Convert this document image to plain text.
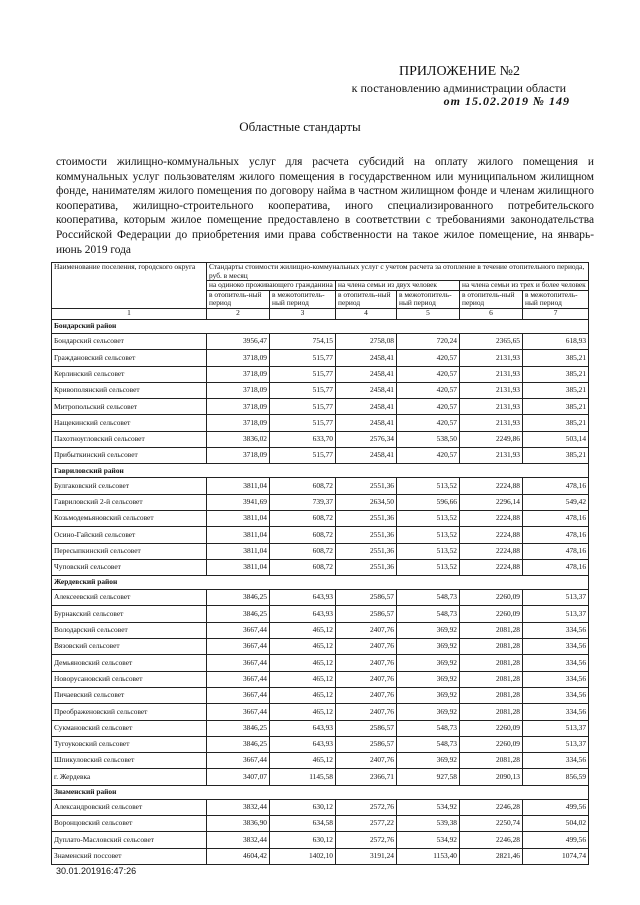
ПРИЛОЖЕНИЕ №2
к постановлению администрации области
от 15.02.2019 № 149
Областные стандарты
стоимости жилищно-коммунальных услуг для расчета субсидий на оплату жилого помещения и коммунальных услуг пользователям жилого помещения в государственном или муниципальном жилищном фонде, нанимателям жилого помещения по договору найма в частном жилищном фонде и членам жилищного кооператива, жилищно-строительного кооператива, иного специализированного потребительского кооператива, которым жилое помещение предоставлено в соответствии с требованиями законодательства Российской Федерации до приобретения ими права собственности на такое жилое помещение, на январь-июнь 2019 года
Наименование поселения, городского округа	Стандарты стоимости жилищно-коммунальных услуг с учетом расчета за отопление в течение отопительного периода, руб. в месяц					
	на одиноко проживающего гражданина		на члена семьи из двух человек		на члена семьи из трех и более человек	
	в отопитель-ный период	в межотопитель-ный период	в отопитель-ный период	в межотопитель-ный период	в отопитель-ный период	в межотопитель-ный период
1	2	3	4	5	6	7
Бондарский район						
Бондарский сельсовет	3956,47	754,15	2758,08	720,24	2365,65	618,93
Граждановский сельсовет	3718,09	515,77	2458,41	420,57	2131,93	385,21
Керлинский сельсовет	3718,09	515,77	2458,41	420,57	2131,93	385,21
Кривополянский сельсовет	3718,09	515,77	2458,41	420,57	2131,93	385,21
Митропольский сельсовет	3718,09	515,77	2458,41	420,57	2131,93	385,21
Нащекинский сельсовет	3718,09	515,77	2458,41	420,57	2131,93	385,21
Пахотноугловский сельсовет	3836,02	633,70	2576,34	538,50	2249,86	503,14
Прибыткинский сельсовет	3718,09	515,77	2458,41	420,57	2131,93	385,21
Гавриловский район						
Булгаковский сельсовет	3811,04	608,72	2551,36	513,52	2224,88	478,16
Гавриловский 2-й сельсовет	3941,69	739,37	2634,50	596,66	2296,14	549,42
Козьмодемьяновский сельсовет	3811,04	608,72	2551,36	513,52	2224,88	478,16
Осино-Гайский сельсовет	3811,04	608,72	2551,36	513,52	2224,88	478,16
Пересыпкинский сельсовет	3811,04	608,72	2551,36	513,52	2224,88	478,16
Чуповский сельсовет	3811,04	608,72	2551,36	513,52	2224,88	478,16
Жердевский район						
Алексеевский сельсовет	3846,25	643,93	2586,57	548,73	2260,09	513,37
Бурнакский сельсовет	3846,25	643,93	2586,57	548,73	2260,09	513,37
Володарский сельсовет	3667,44	465,12	2407,76	369,92	2081,28	334,56
Вязовский сельсовет	3667,44	465,12	2407,76	369,92	2081,28	334,56
Демьяновский сельсовет	3667,44	465,12	2407,76	369,92	2081,28	334,56
Новорусановский сельсовет	3667,44	465,12	2407,76	369,92	2081,28	334,56
Пичаевский сельсовет	3667,44	465,12	2407,76	369,92	2081,28	334,56
Преображеновский сельсовет	3667,44	465,12	2407,76	369,92	2081,28	334,56
Сукмановский сельсовет	3846,25	643,93	2586,57	548,73	2260,09	513,37
Тугоуковский сельсовет	3846,25	643,93	2586,57	548,73	2260,09	513,37
Шпикуловский сельсовет	3667,44	465,12	2407,76	369,92	2081,28	334,56
г. Жердевка	3407,07	1145,58	2366,71	927,58	2090,13	856,59
Знаменский район						
Александровский сельсовет	3832,44	630,12	2572,76	534,92	2246,28	499,56
Воронцовский сельсовет	3836,90	634,58	2577,22	539,38	2250,74	504,02
Дуплато-Масловский сельсовет	3832,44	630,12	2572,76	534,92	2246,28	499,56
Знаменский поссовет	4604,42	1402,10	3191,24	1153,40	2821,46	1074,74
30.01.201916:47:26
